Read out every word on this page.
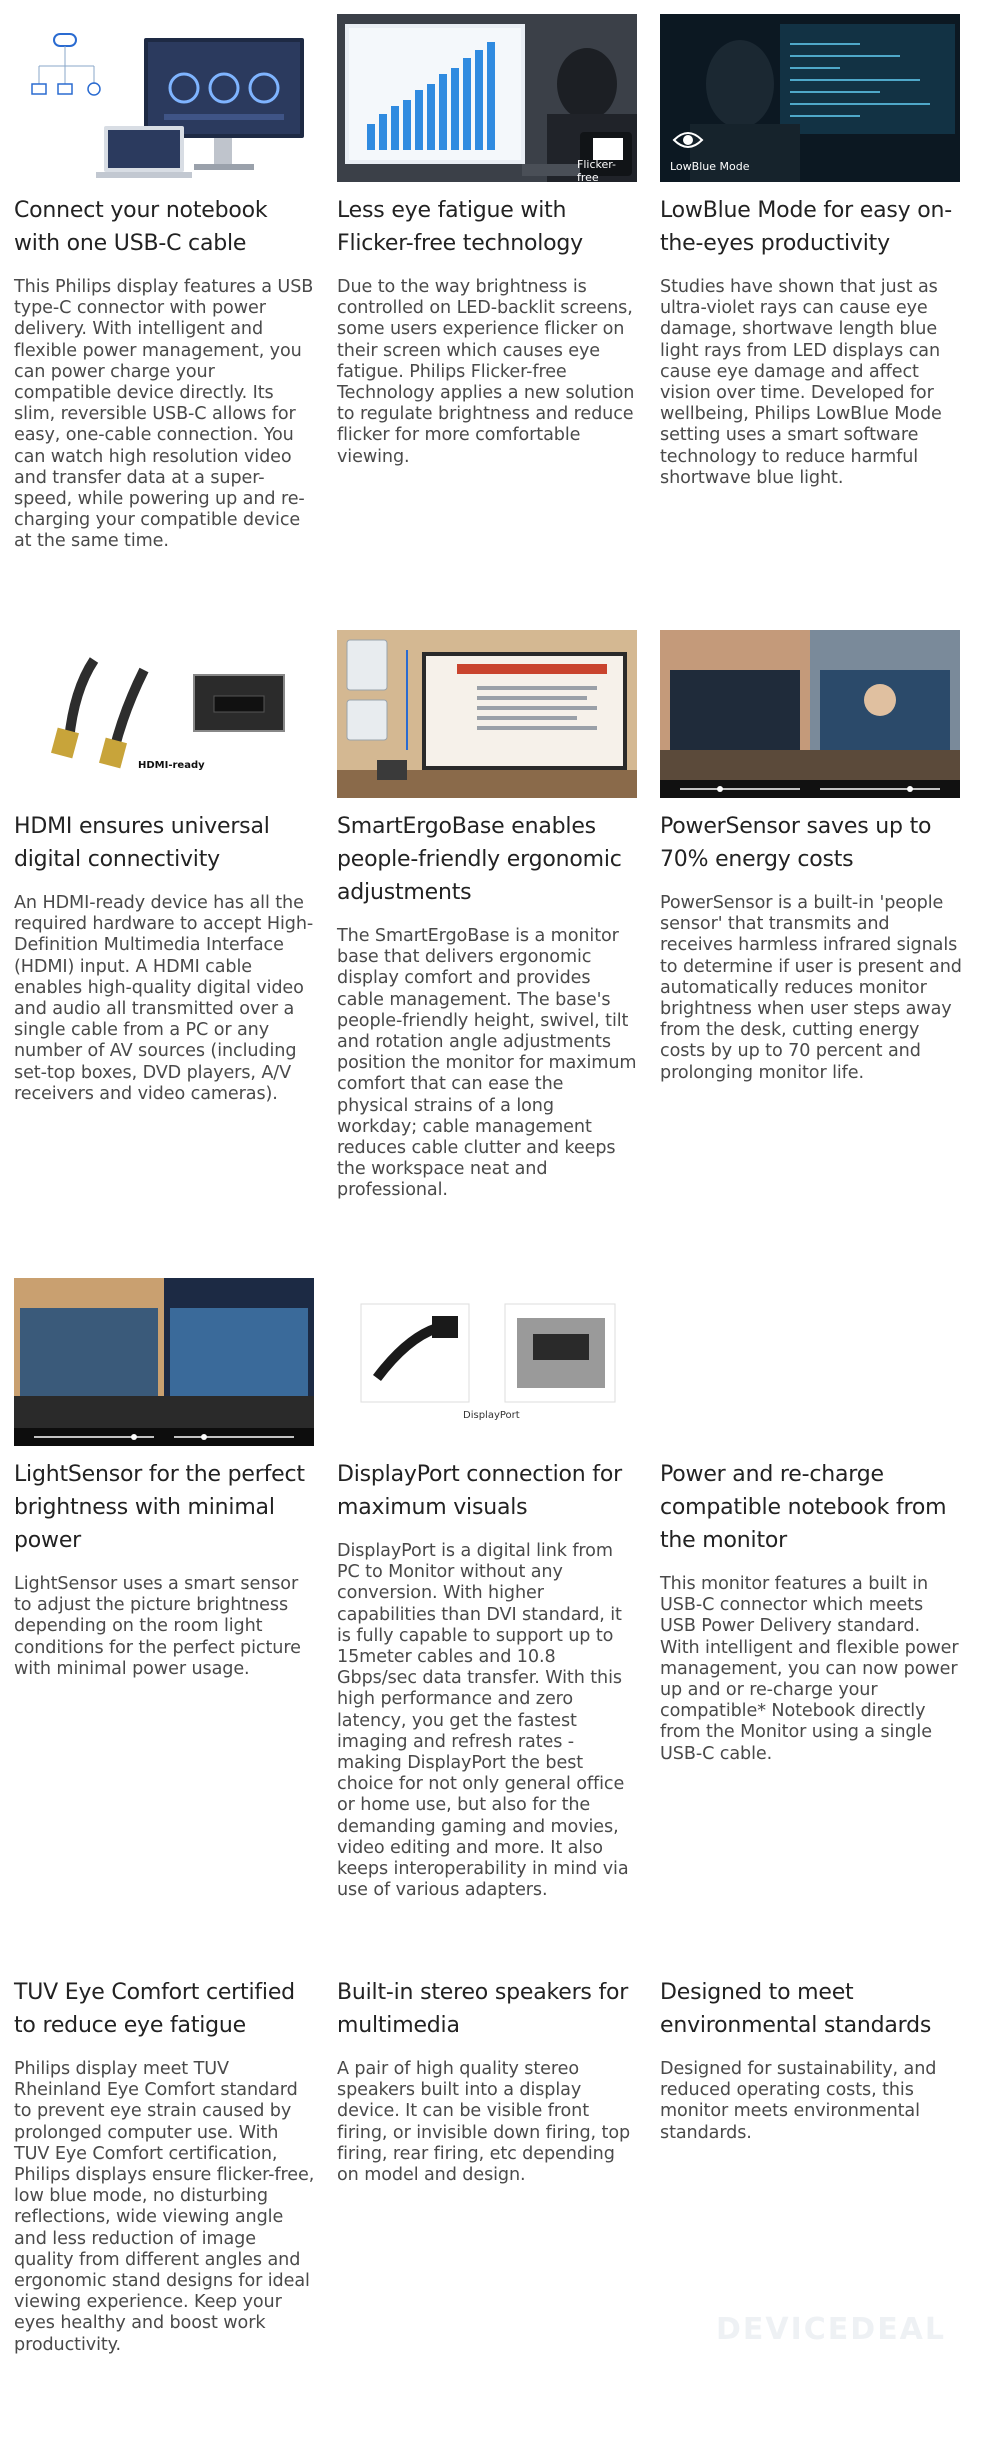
Connect your notebook with one USB-C cable
This Philips display features a USB type-C connector with power delivery. With intelligent and flexible power management, you can power charge your compatible device directly. Its slim, reversible USB-C allows for easy, one-cable connection. You can watch high resolution video and transfer data at a super-speed, while powering up and re-charging your compatible device at the same time.
Flicker-free
Less eye fatigue with Flicker-free technology
Due to the way brightness is controlled on LED-backlit screens, some users experience flicker on their screen which causes eye fatigue. Philips Flicker-free Technology applies a new solution to regulate brightness and reduce flicker for more comfortable viewing.
LowBlue Mode
LowBlue Mode for easy on-the-eyes productivity
Studies have shown that just as ultra-violet rays can cause eye damage, shortwave length blue light rays from LED displays can cause eye damage and affect vision over time. Developed for wellbeing, Philips LowBlue Mode setting uses a smart software technology to reduce harmful shortwave blue light.
HDMI-ready
HDMI ensures universal digital connectivity
An HDMI-ready device has all the required hardware to accept High-Definition Multimedia Interface (HDMI) input. A HDMI cable enables high-quality digital video and audio all transmitted over a single cable from a PC or any number of AV sources (including set-top boxes, DVD players, A/V receivers and video cameras).
SmartErgoBase enables people-friendly ergonomic adjustments
The SmartErgoBase is a monitor base that delivers ergonomic display comfort and provides cable management. The base's people-friendly height, swivel, tilt and rotation angle adjustments position the monitor for maximum comfort that can ease the physical strains of a long workday; cable management reduces cable clutter and keeps the workspace neat and professional.
PowerSensor saves up to 70% energy costs
PowerSensor is a built-in 'people sensor' that transmits and receives harmless infrared signals to determine if user is present and automatically reduces monitor brightness when user steps away from the desk, cutting energy costs by up to 70 percent and prolonging monitor life.
LightSensor for the perfect brightness with minimal power
LightSensor uses a smart sensor to adjust the picture brightness depending on the room light conditions for the perfect picture with minimal power usage.
DisplayPort
DisplayPort connection for maximum visuals
DisplayPort is a digital link from PC to Monitor without any conversion. With higher capabilities than DVI standard, it is fully capable to support up to 15meter cables and 10.8 Gbps/sec data transfer. With this high performance and zero latency, you get the fastest imaging and refresh rates - making DisplayPort the best choice for not only general office or home use, but also for the demanding gaming and movies, video editing and more. It also keeps interoperability in mind via use of various adapters.
Power and re-charge compatible notebook from the monitor
This monitor features a built in USB-C connector which meets USB Power Delivery standard. With intelligent and flexible power management, you can now power up and or re-charge your compatible* Notebook directly from the Monitor using a single USB-C cable.
TUV Eye Comfort certified to reduce eye fatigue
Philips display meet TUV Rheinland Eye Comfort standard to prevent eye strain caused by prolonged computer use. With TUV Eye Comfort certification, Philips displays ensure flicker-free, low blue mode, no disturbing reflections, wide viewing angle and less reduction of image quality from different angles and ergonomic stand designs for ideal viewing experience. Keep your eyes healthy and boost work productivity.
Built-in stereo speakers for multimedia
A pair of high quality stereo speakers built into a display device. It can be visible front firing, or invisible down firing, top firing, rear firing, etc depending on model and design.
Designed to meet environmental standards
Designed for sustainability, and reduced operating costs, this monitor meets environmental standards.
DEVICEDEAL
